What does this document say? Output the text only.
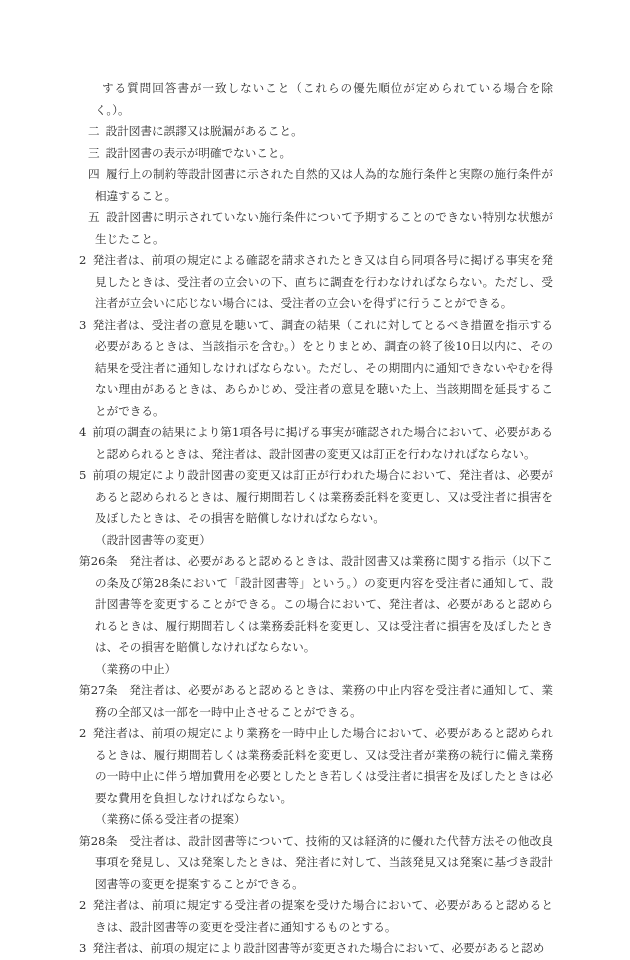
する質問回答書が一致しないこと（これらの優先順位が定められている場合を除く。）。

二 設計図書に誤謬又は脱漏があること。

三 設計図書の表示が明確でないこと。

四 履行上の制約等設計図書に示された自然的又は人為的な施行条件と実際の施行条件が相違すること。

五 設計図書に明示されていない施行条件について予期することのできない特別な状態が生じたこと。

2 発注者は、前項の規定による確認を請求されたとき又は自ら同項各号に掲げる事実を発見したときは、受注者の立会いの下、直ちに調査を行わなければならない。ただし、受注者が立会いに応じない場合には、受注者の立会いを得ずに行うことができる。

3 発注者は、受注者の意見を聴いて、調査の結果（これに対してとるべき措置を指示する必要があるときは、当該指示を含む。）をとりまとめ、調査の終了後10日以内に、その結果を受注者に通知しなければならない。ただし、その期間内に通知できないやむを得ない理由があるときは、あらかじめ、受注者の意見を聴いた上、当該期間を延長することができる。

4 前項の調査の結果により第1項各号に掲げる事実が確認された場合において、必要があると認められるときは、発注者は、設計図書の変更又は訂正を行わなければならない。

5 前項の規定により設計図書の変更又は訂正が行われた場合において、発注者は、必要があると認められるときは、履行期間若しくは業務委託料を変更し、又は受注者に損害を及ぼしたときは、その損害を賠償しなければならない。

（設計図書等の変更）

第26条 発注者は、必要があると認めるときは、設計図書又は業務に関する指示（以下この条及び第28条において「設計図書等」という。）の変更内容を受注者に通知して、設計図書等を変更することができる。この場合において、発注者は、必要があると認められるときは、履行期間若しくは業務委託料を変更し、又は受注者に損害を及ぼしたときは、その損害を賠償しなければならない。

（業務の中止）

第27条 発注者は、必要があると認めるときは、業務の中止内容を受注者に通知して、業務の全部又は一部を一時中止させることができる。

2 発注者は、前項の規定により業務を一時中止した場合において、必要があると認められるときは、履行期間若しくは業務委託料を変更し、又は受注者が業務の続行に備え業務の一時中止に伴う増加費用を必要としたとき若しくは受注者に損害を及ぼしたときは必要な費用を負担しなければならない。

（業務に係る受注者の提案）

第28条 受注者は、設計図書等について、技術的又は経済的に優れた代替方法その他改良事項を発見し、又は発案したときは、発注者に対して、当該発見又は発案に基づき設計図書等の変更を提案することができる。

2 発注者は、前項に規定する受注者の提案を受けた場合において、必要があると認めるときは、設計図書等の変更を受注者に通知するものとする。

3 発注者は、前項の規定により設計図書等が変更された場合において、必要があると認め
